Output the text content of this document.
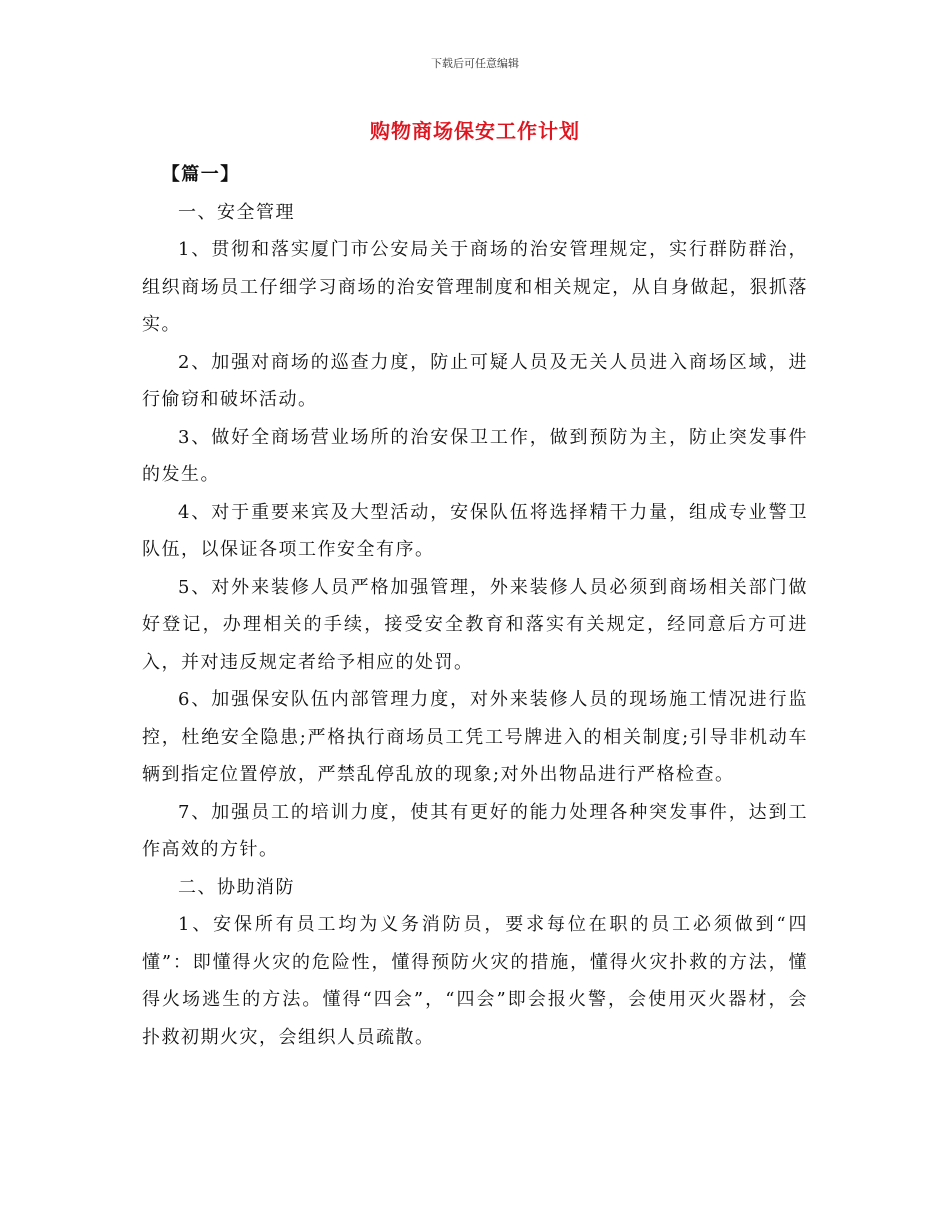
下载后可任意编辑
购物商场保安工作计划

【篇一】

一、安全管理

1、贯彻和落实厦门市公安局关于商场的治安管理规定，实行群防群治，组织商场员工仔细学习商场的治安管理制度和相关规定，从自身做起，狠抓落实。

2、加强对商场的巡查力度，防止可疑人员及无关人员进入商场区域，进行偷窃和破坏活动。

3、做好全商场营业场所的治安保卫工作，做到预防为主，防止突发事件的发生。

4、对于重要来宾及大型活动，安保队伍将选择精干力量，组成专业警卫队伍，以保证各项工作安全有序。

5、对外来装修人员严格加强管理，外来装修人员必须到商场相关部门做好登记，办理相关的手续，接受安全教育和落实有关规定，经同意后方可进入，并对违反规定者给予相应的处罚。

6、加强保安队伍内部管理力度，对外来装修人员的现场施工情况进行监控，杜绝安全隐患;严格执行商场员工凭工号牌进入的相关制度;引导非机动车辆到指定位置停放，严禁乱停乱放的现象;对外出物品进行严格检查。

7、加强员工的培训力度，使其有更好的能力处理各种突发事件，达到工作高效的方针。

二、协助消防

1、安保所有员工均为义务消防员，要求每位在职的员工必须做到“四懂”：即懂得火灾的危险性，懂得预防火灾的措施，懂得火灾扑救的方法，懂得火场逃生的方法。懂得“四会”，“四会”即会报火警，会使用灭火器材，会扑救初期火灾，会组织人员疏散。
